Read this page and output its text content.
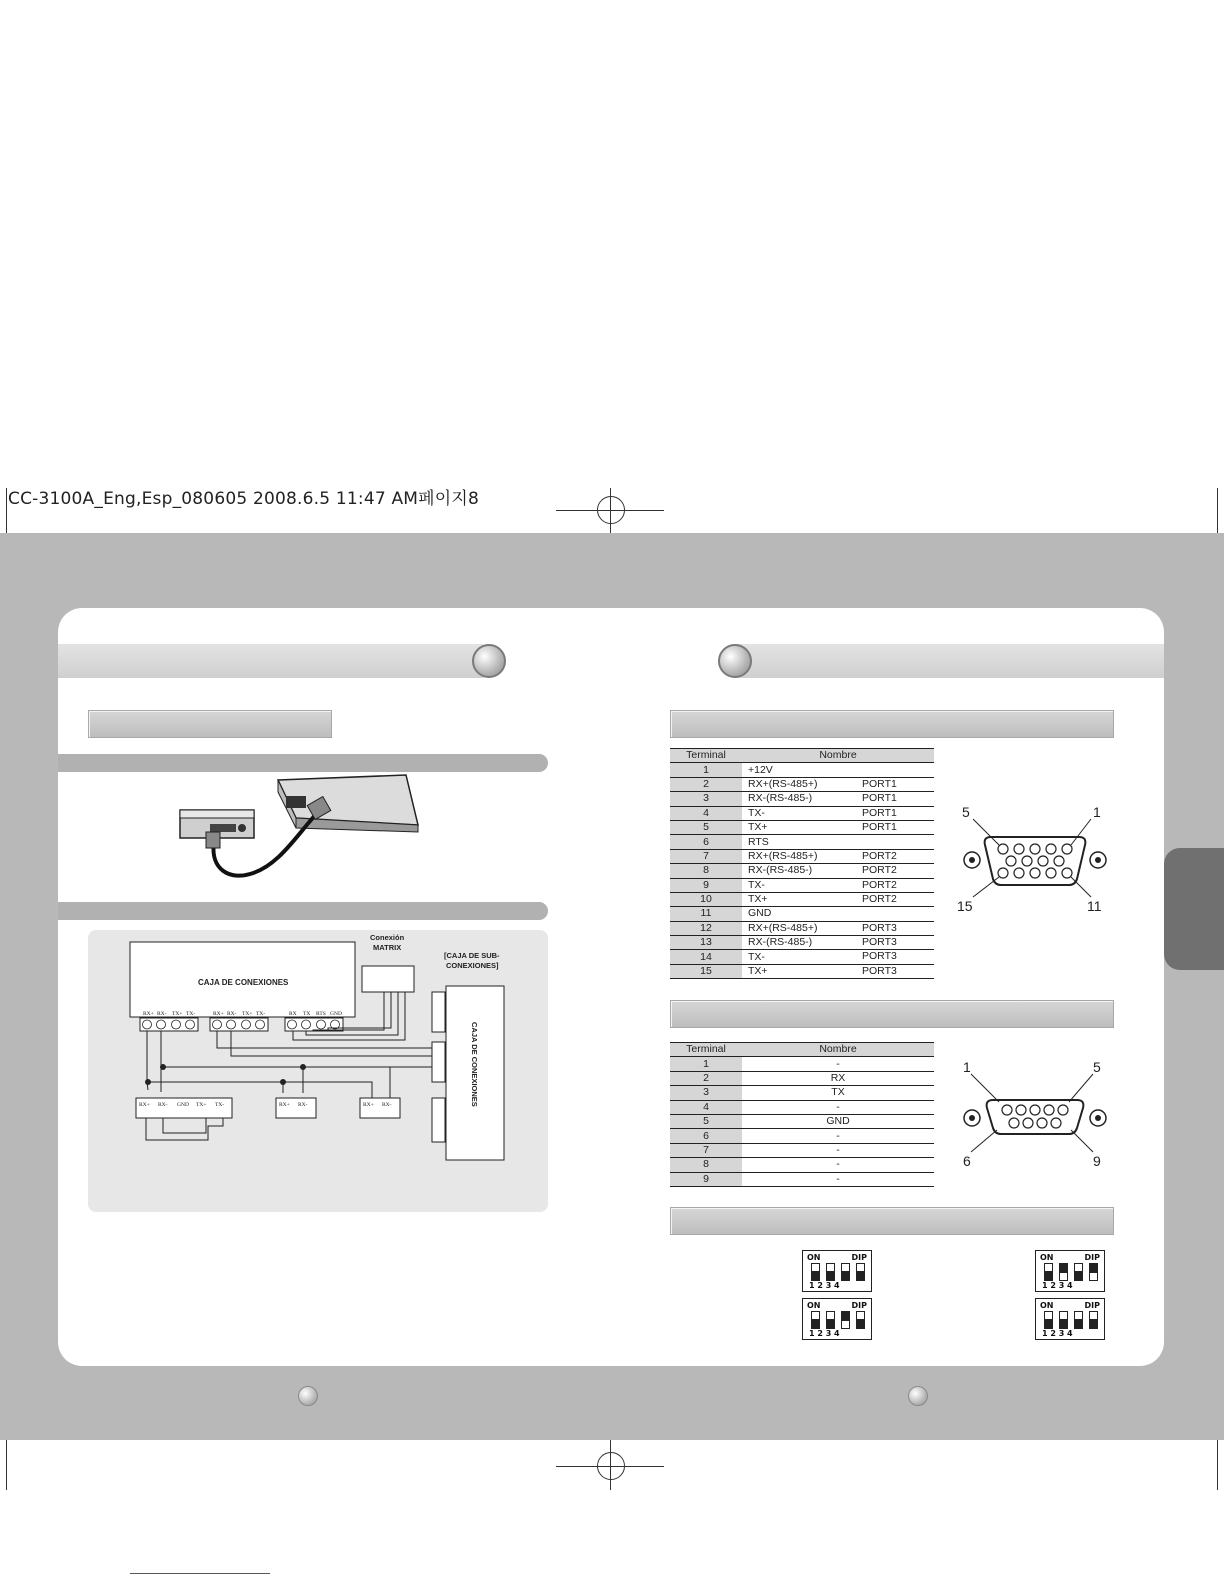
CC-3100A_Eng,Esp_080605 2008.6.5 11:47 AM페이지8
CAJA DE CONEXIONES
Conexión
MATRIX
[CAJA DE SUB-
CONEXIONES]
CAJA DE CONEXIONES
RX+ RX- TX+ TX-	RX+ RX- TX+ TX-	RX TX RTS GND
RX+ RX- GND TX+ TX-	RX+ RX-	RX+ RX-
Terminal	Nombre
1	+12V

2	RX+(RS-485+) PORT1

3	RX-(RS-485-) PORT1

4	TX- PORT1

5	TX+ PORT1

6	RTS

7	RX+(RS-485+) PORT2

8	RX-(RS-485-) PORT2

9	TX- PORT2

10	TX+ PORT2

11	GND

12	RX+(RS-485+) PORT3

13	RX-(RS-485-) PORT3

14	TX- PORT3

15	TX+ PORT3
5	1
15	11
Terminal	Nombre
1	-
2	RX
3	TX
4	-
5	GND
6	-
7	-
8	-
9	-
1	5
6	9
ON	DIP
1 2 3 4
ON	DIP
1 2 3 4
ON	DIP
1 2 3 4
ON	DIP
1 2 3 4
